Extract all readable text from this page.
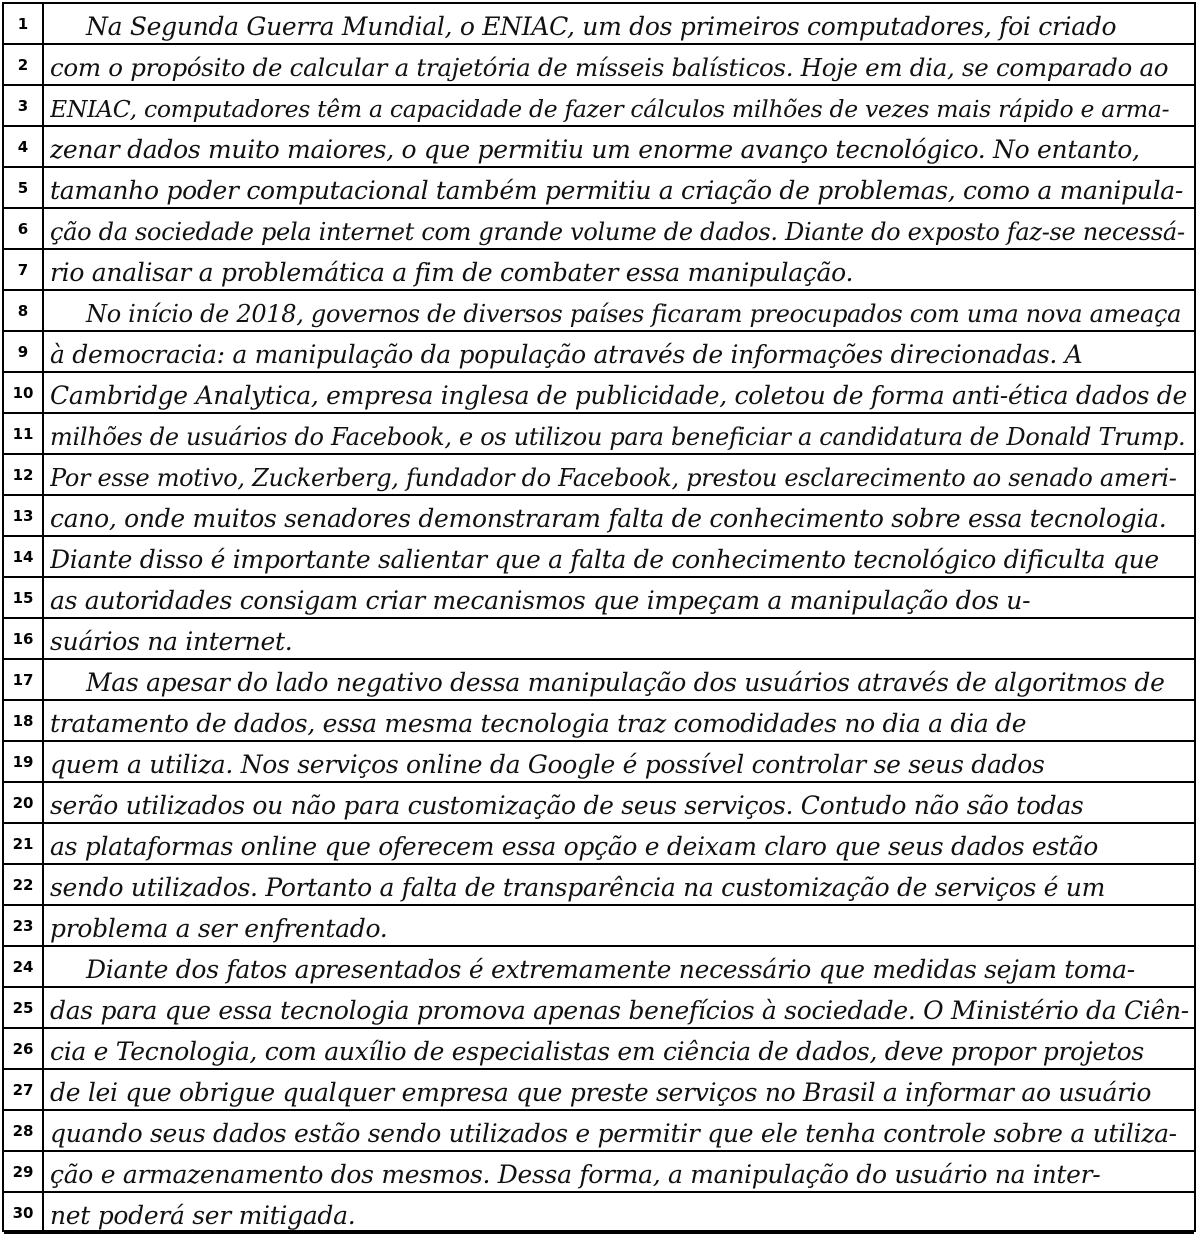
1	Na Segunda Guerra Mundial, o ENIAC, um dos primeiros computadores, foi criado
2 com o propósito de calcular a trajetória de mísseis balísticos. Hoje em dia, se comparado ao
3 ENIAC, computadores têm a capacidade de fazer cálculos milhões de vezes mais rápido e arma-
4 zenar dados muito maiores, o que permitiu um enorme avanço tecnológico. No entanto,
5 tamanho poder computacional também permitiu a criação de problemas, como a manipula-
6 ção da sociedade pela internet com grande volume de dados. Diante do exposto faz-se necessá-
7 rio analisar a problemática a fim de combater essa manipulação.
8	No início de 2018, governos de diversos países ficaram preocupados com uma nova ameaça
9 à democracia: a manipulação da população através de informações direcionadas. A
10 Cambridge Analytica, empresa inglesa de publicidade, coletou de forma anti-ética dados de
11 milhões de usuários do Facebook, e os utilizou para beneficiar a candidatura de Donald Trump.
12 Por esse motivo, Zuckerberg, fundador do Facebook, prestou esclarecimento ao senado ameri-
13 cano, onde muitos senadores demonstraram falta de conhecimento sobre essa tecnologia.
14 Diante disso é importante salientar que a falta de conhecimento tecnológico dificulta que
15 as autoridades consigam criar mecanismos que impeçam a manipulação dos u-
16 suários na internet.
17	Mas apesar do lado negativo dessa manipulação dos usuários através de algoritmos de
18 tratamento de dados, essa mesma tecnologia traz comodidades no dia a dia de
19 quem a utiliza. Nos serviços online da Google é possível controlar se seus dados
20 serão utilizados ou não para customização de seus serviços. Contudo não são todas
21 as plataformas online que oferecem essa opção e deixam claro que seus dados estão
22 sendo utilizados. Portanto a falta de transparência na customização de serviços é um
23 problema a ser enfrentado.
24	Diante dos fatos apresentados é extremamente necessário que medidas sejam toma-
25 das para que essa tecnologia promova apenas benefícios à sociedade. O Ministério da Ciên-
26 cia e Tecnologia, com auxílio de especialistas em ciência de dados, deve propor projetos
27 de lei que obrigue qualquer empresa que preste serviços no Brasil a informar ao usuário
28 quando seus dados estão sendo utilizados e permitir que ele tenha controle sobre a utiliza-
29 ção e armazenamento dos mesmos. Dessa forma, a manipulação do usuário na inter-
30 net poderá ser mitigada.
